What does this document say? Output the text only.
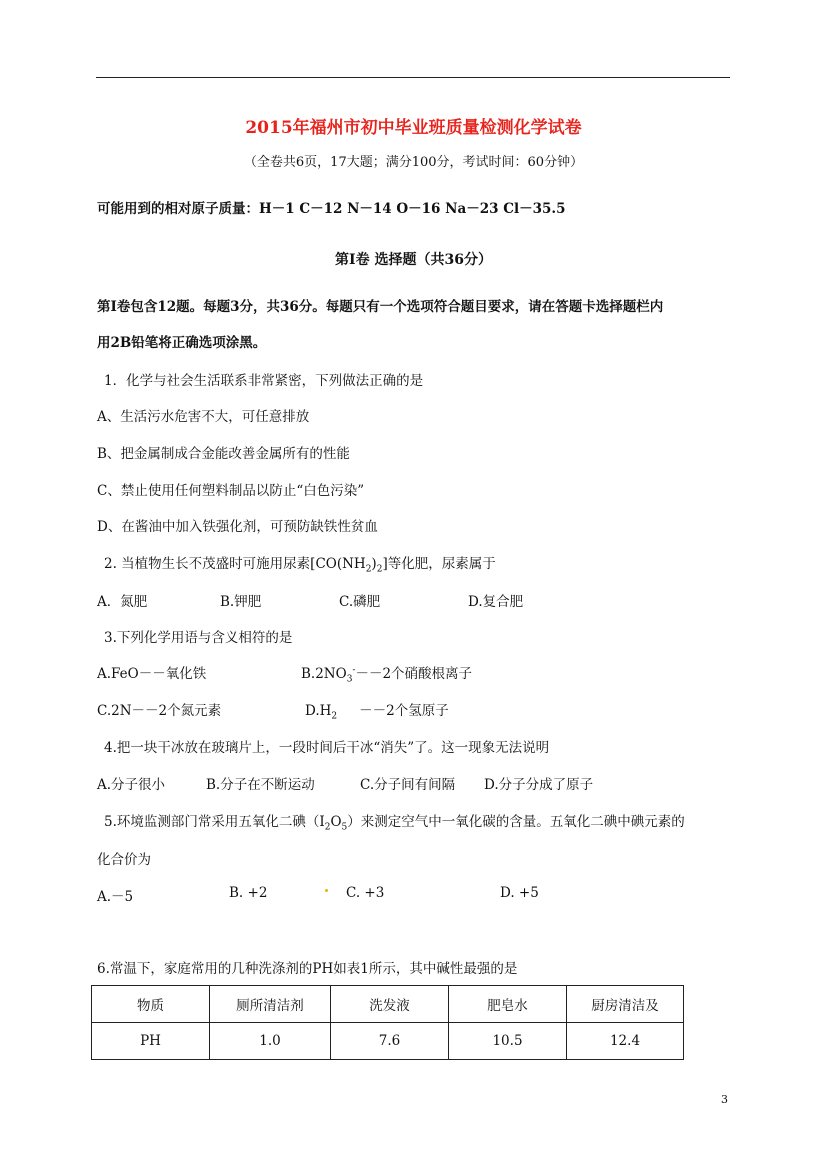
2015年福州市初中毕业班质量检测化学试卷
（全卷共6页，17大题；满分100分，考试时间：60分钟）
可能用到的相对原子质量：H－1 C－12 N－14 O－16 Na－23 Cl－35.5
第Ⅰ卷 选择题（共36分）
第Ⅰ卷包含12题。每题3分，共36分。每题只有一个选项符合题目要求，请在答题卡选择题栏内
用2B铅笔将正确选项涂黑。
1．化学与社会生活联系非常紧密，下列做法正确的是
A、生活污水危害不大，可任意排放
B、把金属制成合金能改善金属所有的性能
C、禁止使用任何塑料制品以防止“白色污染”
D、在酱油中加入铁强化剂，可预防缺铁性贫血
2. 当植物生长不茂盛时可施用尿素$[CO(NH_2)_2]$等化肥，尿素属于
A．氮肥	B.钾肥	C.磷肥	D.复合肥
3.下列化学用语与含义相符的是
A.FeO－－氧化铁	$B.2NO_3^---2$个硝酸根离子
C.2N－－2个氮元素	$D.H_2 --2$个氢原子
4.把一块干冰放在玻璃片上，一段时间后干冰“消失”了。这一现象无法说明
A.分子很小	B.分子在不断运动	C.分子间有间隔 D.分子分成了原子
5.环境监测部门常采用五氧化二碘$(I_2O_5)$来测定空气中一氧化碳的含量。五氧化二碘中碘元素的
化合价为
A.－5	B. +2	C. +3	D. +5
6.常温下，家庭常用的几种洗涤剂的PH如表1所示，其中碱性最强的是
物质	厕所清洁剂	洗发液	肥皂水	厨房清洁及
PH	1.0	7.6	10.5	12.4
3
